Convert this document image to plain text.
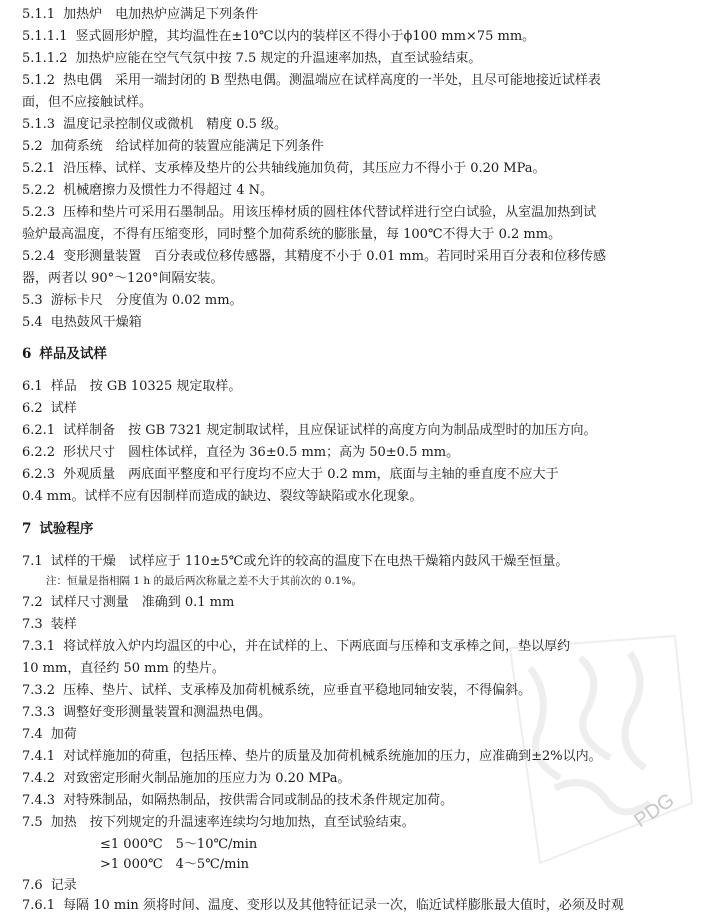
5.1.1 加热炉　电加热炉应满足下列条件
5.1.1.1 竖式圆形炉膛，其均温性在±10℃以内的装样区不得小于ϕ100 mm×75 mm。
5.1.1.2 加热炉应能在空气气氛中按 7.5 规定的升温速率加热，直至试验结束。
5.1.2 热电偶　采用一端封闭的 B 型热电偶。测温端应在试样高度的一半处，且尽可能地接近试样表
面，但不应接触试样。
5.1.3 温度记录控制仪或微机　精度 0.5 级。
5.2 加荷系统　给试样加荷的装置应能满足下列条件
5.2.1 沿压棒、试样、支承棒及垫片的公共轴线施加负荷，其压应力不得小于 0.20 MPa。
5.2.2 机械磨擦力及惯性力不得超过 4 N。
5.2.3 压棒和垫片可采用石墨制品。用该压棒材质的圆柱体代替试样进行空白试验，从室温加热到试
验炉最高温度，不得有压缩变形，同时整个加荷系统的膨胀量，每 100℃不得大于 0.2 mm。
5.2.4 变形测量装置　百分表或位移传感器，其精度不小于 0.01 mm。若同时采用百分表和位移传感
器，两者以 90°～120°间隔安装。
5.3 游标卡尺　分度值为 0.02 mm。
5.4 电热鼓风干燥箱
6 样品及试样
6.1 样品　按 GB 10325 规定取样。
6.2 试样
6.2.1 试样制备　按 GB 7321 规定制取试样，且应保证试样的高度方向为制品成型时的加压方向。
6.2.2 形状尺寸　圆柱体试样，直径为 36±0.5 mm；高为 50±0.5 mm。
6.2.3 外观质量　两底面平整度和平行度均不应大于 0.2 mm，底面与主轴的垂直度不应大于
0.4 mm。试样不应有因制样而造成的缺边、裂纹等缺陷或水化现象。
7 试验程序
7.1 试样的干燥　试样应于 110±5℃或允许的较高的温度下在电热干燥箱内鼓风干燥至恒量。
注：恒量是指相隔 1 h 的最后两次称量之差不大于其前次的 0.1%。
7.2 试样尺寸测量　准确到 0.1 mm
7.3 装样
7.3.1 将试样放入炉内均温区的中心，并在试样的上、下两底面与压棒和支承棒之间，垫以厚约
10 mm，直径约 50 mm 的垫片。
7.3.2 压棒、垫片、试样、支承棒及加荷机械系统，应垂直平稳地同轴安装，不得偏斜。
7.3.3 调整好变形测量装置和测温热电偶。
7.4 加荷
7.4.1 对试样施加的荷重，包括压棒、垫片的质量及加荷机械系统施加的压力，应准确到±2%以内。
7.4.2 对致密定形耐火制品施加的压应力为 0.20 MPa。
7.4.3 对特殊制品，如隔热制品，按供需合同或制品的技术条件规定加荷。
7.5 加热　按下列规定的升温速率连续均匀地加热，直至试验结束。
≤1 000℃　5～10℃/min
>1 000℃　4～5℃/min
7.6 记录
7.6.1 每隔 10 min 须将时间、温度、变形以及其他特征记录一次，临近试样膨胀最大值时，必须及时观
PDG
